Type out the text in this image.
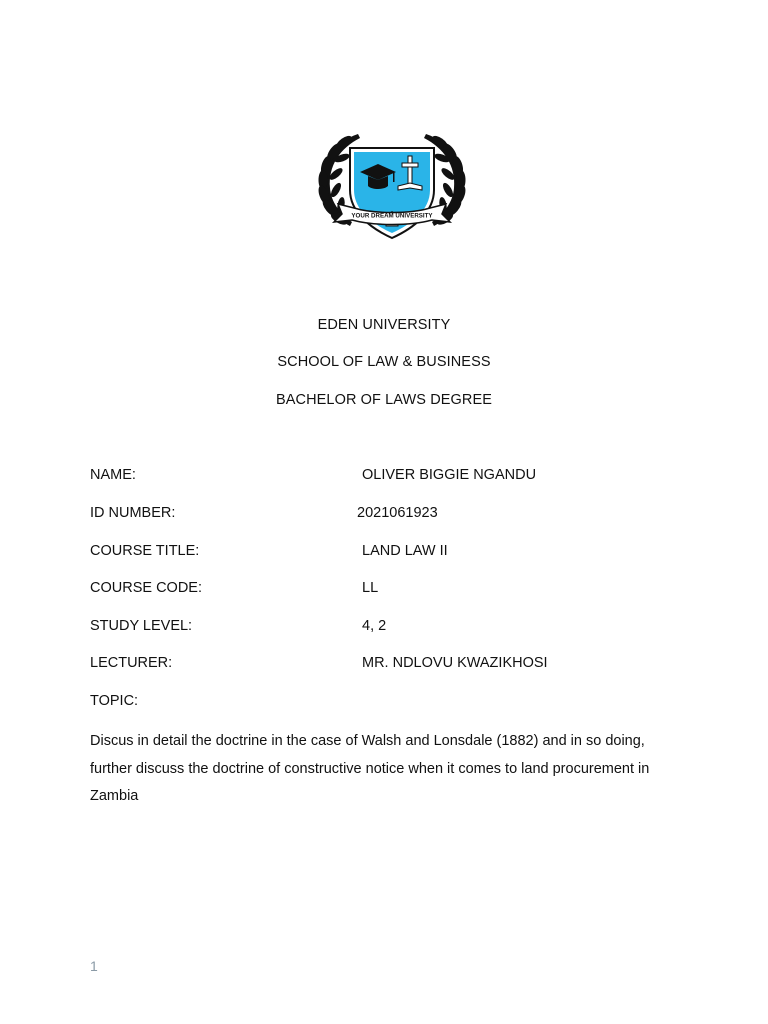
YOUR DREAM UNIVERSITY
EDEN UNIVERSITY
SCHOOL OF LAW & BUSINESS
BACHELOR OF LAWS DEGREE
NAME:	OLIVER BIGGIE NGANDU
ID NUMBER:	2021061923
COURSE TITLE:	LAND LAW II
COURSE CODE:	LL
STUDY LEVEL:	4, 2
LECTURER:	MR. NDLOVU KWAZIKHOSI
TOPIC:
Discus in detail the doctrine in the case of Walsh and Lonsdale (1882) and in so doing, further discuss the doctrine of constructive notice when it comes to land procurement in Zambia
1
